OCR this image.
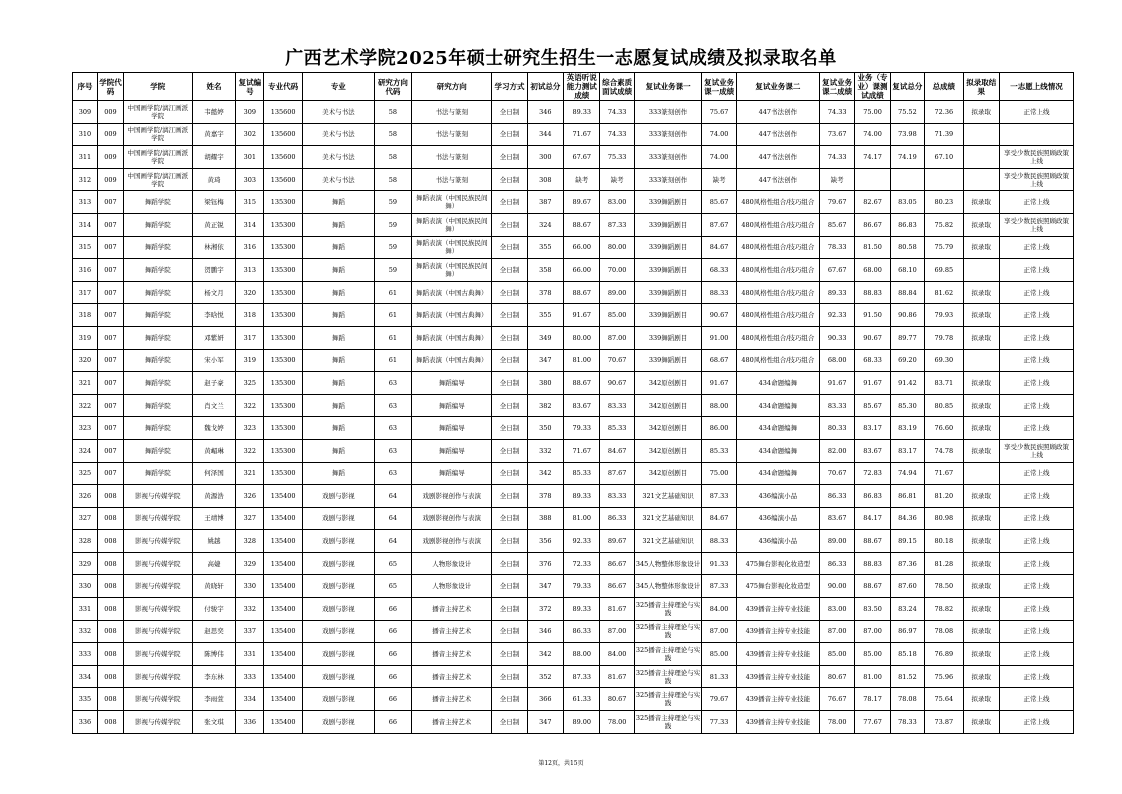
广西艺术学院2025年硕士研究生招生一志愿复试成绩及拟录取名单
序号	学院代码	学院	姓名	复试编号	专业代码	专业	研究方向代码	研究方向	学习方式	初试总分	英语听说能力测试成绩	综合素质面试成绩	复试业务课一	复试业务课一成绩	复试业务课二	复试业务课二成绩	业务（专业）课测试成绩	复试总分	总成绩	拟录取结果	一志愿上线情况
309	009	中国画学院/漓江画派学院	韦懿婷	309	135600	美术与书法	58	书法与篆刻	全日制	346	89.33	74.33	333篆刻创作	75.67	447书法创作	74.33	75.00	75.52	72.36	拟录取	正常上线
310	009	中国画学院/漓江画派学院	黄嘉宇	302	135600	美术与书法	58	书法与篆刻	全日制	344	71.67	74.33	333篆刻创作	74.00	447书法创作	73.67	74.00	73.98	71.39		
311	009	中国画学院/漓江画派学院	胡耀宇	301	135600	美术与书法	58	书法与篆刻	全日制	300	67.67	75.33	333篆刻创作	74.00	447书法创作	74.33	74.17	74.19	67.10		享受少数民族照顾政策上线
312	009	中国画学院/漓江画派学院	黄琦	303	135600	美术与书法	58	书法与篆刻	全日制	308	缺考	缺考	333篆刻创作	缺考	447书法创作	缺考					享受少数民族照顾政策上线
313	007	舞蹈学院	梁钰梅	315	135300	舞蹈	59	舞蹈表演（中国民族民间舞）	全日制	387	89.67	83.00	339舞蹈剧目	85.67	480风格性组合/技巧组合	79.67	82.67	83.05	80.23	拟录取	正常上线
314	007	舞蹈学院	黄正锐	314	135300	舞蹈	59	舞蹈表演（中国民族民间舞）	全日制	324	88.67	87.33	339舞蹈剧目	87.67	480风格性组合/技巧组合	85.67	86.67	86.83	75.82	拟录取	享受少数民族照顾政策上线
315	007	舞蹈学院	林湘依	316	135300	舞蹈	59	舞蹈表演（中国民族民间舞）	全日制	355	66.00	80.00	339舞蹈剧目	84.67	480风格性组合/技巧组合	78.33	81.50	80.58	75.79	拟录取	正常上线
316	007	舞蹈学院	贺鹏宇	313	135300	舞蹈	59	舞蹈表演（中国民族民间舞）	全日制	358	66.00	70.00	339舞蹈剧目	68.33	480风格性组合/技巧组合	67.67	68.00	68.10	69.85		正常上线
317	007	舞蹈学院	杨文月	320	135300	舞蹈	61	舞蹈表演（中国古典舞）	全日制	378	88.67	89.00	339舞蹈剧目	88.33	480风格性组合/技巧组合	89.33	88.83	88.84	81.62	拟录取	正常上线
318	007	舞蹈学院	李晗悦	318	135300	舞蹈	61	舞蹈表演（中国古典舞）	全日制	355	91.67	85.00	339舞蹈剧目	90.67	480风格性组合/技巧组合	92.33	91.50	90.86	79.93	拟录取	正常上线
319	007	舞蹈学院	邓紫妍	317	135300	舞蹈	61	舞蹈表演（中国古典舞）	全日制	349	80.00	87.00	339舞蹈剧目	91.00	480风格性组合/技巧组合	90.33	90.67	89.77	79.78	拟录取	正常上线
320	007	舞蹈学院	宋小军	319	135300	舞蹈	61	舞蹈表演（中国古典舞）	全日制	347	81.00	70.67	339舞蹈剧目	68.67	480风格性组合/技巧组合	68.00	68.33	69.20	69.30		正常上线
321	007	舞蹈学院	赵子豪	325	135300	舞蹈	63	舞蹈编导	全日制	380	88.67	90.67	342原创剧目	91.67	434命题编舞	91.67	91.67	91.42	83.71	拟录取	正常上线
322	007	舞蹈学院	肖文兰	322	135300	舞蹈	63	舞蹈编导	全日制	382	83.67	83.33	342原创剧目	88.00	434命题编舞	83.33	85.67	85.30	80.85	拟录取	正常上线
323	007	舞蹈学院	魏戈婷	323	135300	舞蹈	63	舞蹈编导	全日制	350	79.33	85.33	342原创剧目	86.00	434命题编舞	80.33	83.17	83.19	76.60	拟录取	正常上线
324	007	舞蹈学院	黄嵋琳	322	135300	舞蹈	63	舞蹈编导	全日制	332	71.67	84.67	342原创剧目	85.33	434命题编舞	82.00	83.67	83.17	74.78	拟录取	享受少数民族照顾政策上线
325	007	舞蹈学院	何泽国	321	135300	舞蹈	63	舞蹈编导	全日制	342	85.33	87.67	342原创剧目	75.00	434命题编舞	70.67	72.83	74.94	71.67		正常上线
326	008	影视与传媒学院	黄源浩	326	135400	戏剧与影视	64	戏剧影视创作与表演	全日制	378	89.33	83.33	321文艺基础知识	87.33	436编演小品	86.33	86.83	86.81	81.20	拟录取	正常上线
327	008	影视与传媒学院	王靖博	327	135400	戏剧与影视	64	戏剧影视创作与表演	全日制	388	81.00	86.33	321文艺基础知识	84.67	436编演小品	83.67	84.17	84.36	80.98	拟录取	正常上线
328	008	影视与传媒学院	姚越	328	135400	戏剧与影视	64	戏剧影视创作与表演	全日制	356	92.33	89.67	321文艺基础知识	88.33	436编演小品	89.00	88.67	89.15	80.18	拟录取	正常上线
329	008	影视与传媒学院	高婕	329	135400	戏剧与影视	65	人物形象设计	全日制	376	72.33	86.67	345人物整体形象设计	91.33	475舞台影视化妆造型	86.33	88.83	87.36	81.28	拟录取	正常上线
330	008	影视与传媒学院	黄晓轩	330	135400	戏剧与影视	65	人物形象设计	全日制	347	79.33	86.67	345人物整体形象设计	87.33	475舞台影视化妆造型	90.00	88.67	87.60	78.50	拟录取	正常上线
331	008	影视与传媒学院	付骏宇	332	135400	戏剧与影视	66	播音主持艺术	全日制	372	89.33	81.67	325播音主持理论与实践	84.00	439播音主持专业技能	83.00	83.50	83.24	78.82	拟录取	正常上线
332	008	影视与传媒学院	赵思奕	337	135400	戏剧与影视	66	播音主持艺术	全日制	346	86.33	87.00	325播音主持理论与实践	87.00	439播音主持专业技能	87.00	87.00	86.97	78.08	拟录取	正常上线
333	008	影视与传媒学院	陈博伟	331	135400	戏剧与影视	66	播音主持艺术	全日制	342	88.00	84.00	325播音主持理论与实践	85.00	439播音主持专业技能	85.00	85.00	85.18	76.89	拟录取	正常上线
334	008	影视与传媒学院	李东林	333	135400	戏剧与影视	66	播音主持艺术	全日制	352	87.33	81.67	325播音主持理论与实践	81.33	439播音主持专业技能	80.67	81.00	81.52	75.96	拟录取	正常上线
335	008	影视与传媒学院	李雨萱	334	135400	戏剧与影视	66	播音主持艺术	全日制	366	61.33	80.67	325播音主持理论与实践	79.67	439播音主持专业技能	76.67	78.17	78.08	75.64	拟录取	正常上线
336	008	影视与传媒学院	张文琪	336	135400	戏剧与影视	66	播音主持艺术	全日制	347	89.00	78.00	325播音主持理论与实践	77.33	439播音主持专业技能	78.00	77.67	78.33	73.87	拟录取	正常上线
第12页，共15页
